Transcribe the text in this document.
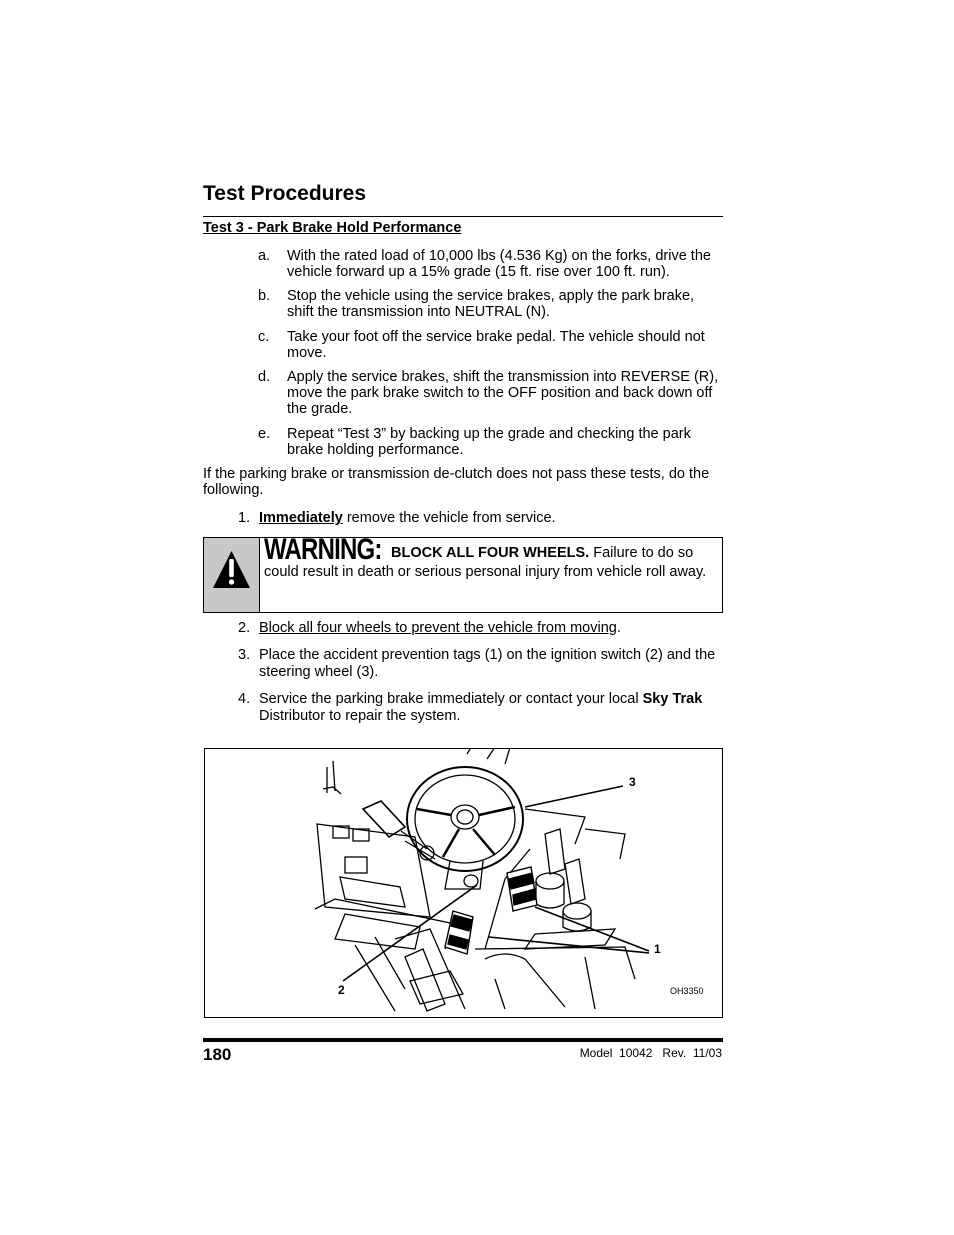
Test Procedures
Test 3 - Park Brake Hold Performance
a. With the rated load of 10,000 lbs (4.536 Kg) on the forks, drive the vehicle forward up a 15% grade (15 ft. rise over 100 ft. run).
b. Stop the vehicle using the service brakes, apply the park brake, shift the transmission into NEUTRAL (N).
c. Take your foot off the service brake pedal. The vehicle should not move.
d. Apply the service brakes, shift the transmission into REVERSE (R), move the park brake switch to the OFF position and back down off the grade.
e. Repeat “Test 3” by backing up the grade and checking the park brake holding performance.
If the parking brake or transmission de-clutch does not pass these tests, do the following.
1. Immediately remove the vehicle from service.
WARNING: BLOCK ALL FOUR WHEELS. Failure to do so could result in death or serious personal injury from vehicle roll away.
2. Block all four wheels to prevent the vehicle from moving.
3. Place the accident prevention tags (1) on the ignition switch (2) and the steering wheel (3).
4. Service the parking brake immediately or contact your local Sky Trak Distributor to repair the system.
3
1
2	OH3350
180	Model  10042   Rev.  11/03
